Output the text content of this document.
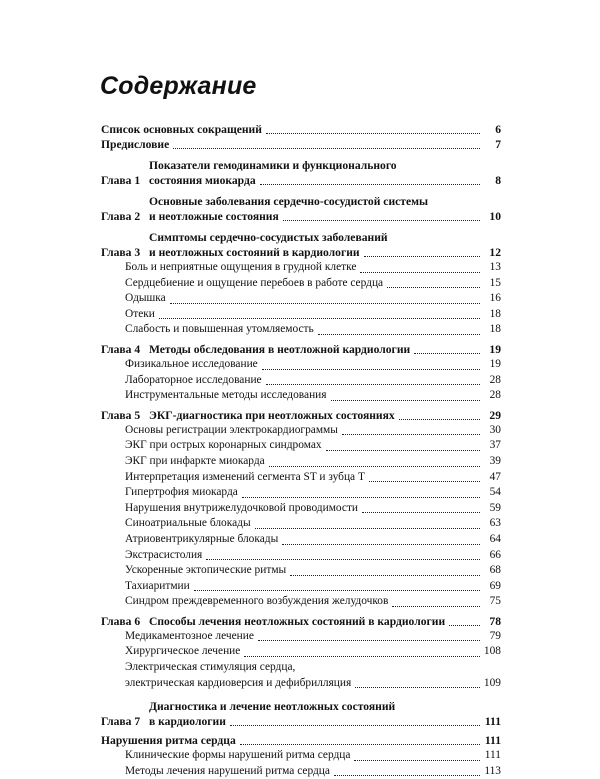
Содержание
Список основных сокращений	6
Предисловие	7
Глава 1
Показатели гемодинамики и функционального
состояния миокарда	8
Глава 2
Основные заболевания сердечно-сосудистой системы
и неотложные состояния	10
Глава 3
Симптомы сердечно-сосудистых заболеваний
и неотложных состояний в кардиологии	12
Боль и неприятные ощущения в грудной клетке	13
Сердцебиение и ощущение перебоев в работе сердца	15
Одышка	16
Отеки	18
Слабость и повышенная утомляемость	18
Глава 4 Методы обследования в неотложной кардиологии	19
Физикальное исследование	19
Лабораторное исследование	28
Инструментальные методы исследования	28
Глава 5 ЭКГ-диагностика при неотложных состояниях	29
Основы регистрации электрокардиограммы	30
ЭКГ при острых коронарных синдромах	37
ЭКГ при инфаркте миокарда	39
Интерпретация изменений сегмента ST и зубца T	47
Гипертрофия миокарда	54
Нарушения внутрижелудочковой проводимости	59
Синоатриальные блокады	63
Атриовентрикулярные блокады	64
Экстрасистолия	66
Ускоренные эктопические ритмы	68
Тахиаритмии	69
Синдром преждевременного возбуждения желудочков	75
Глава 6 Способы лечения неотложных состояний в кардиологии	78
Медикаментозное лечение	79
Хирургическое лечение	108
Электрическая стимуляция сердца,
электрическая кардиоверсия и дефибрилляция	109
Глава 7
Диагностика и лечение неотложных состояний
в кардиологии	111
Нарушения ритма сердца	111
Клинические формы нарушений ритма сердца	111
Методы лечения нарушений ритма сердца	113
